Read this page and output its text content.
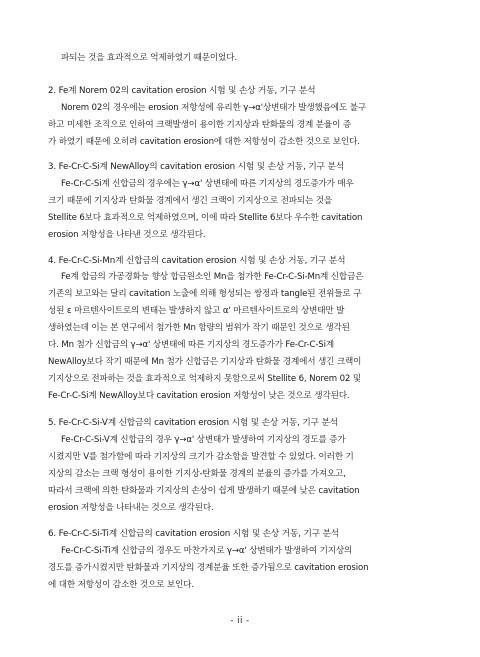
파되는 것을 효과적으로 억제하였기 때문이었다.
2. Fe계 Norem 02의 cavitation erosion 시험 및 손상 거동, 기구 분석
Norem 02의 경우에는 erosion 저항성에 유리한 γ→α'상변태가 발생했음에도 불구
하고 미세한 조직으로 인하여 크랙발생이 용이한 기지상과 탄화물의 경계 분율이 증
가 하였기 때문에 오히려 cavitation erosion에 대한 저항성이 감소한 것으로 보인다.
3. Fe-Cr-C-Si계 NewAlloy의 cavitation erosion 시험 및 손상 거동, 기구 분석
Fe-Cr-C-Si계 신합금의 경우에는 γ→α' 상변태에 따른 기지상의 경도증가가 매우
크기 때문에 기지상과 탄화물 경계에서 생긴 크랙이 기지상으로 전파되는 것을
Stellite 6보다 효과적으로 억제하였으며, 이에 따라 Stellite 6보다 우수한 cavitation
erosion 저항성을 나타낸 것으로 생각된다.
4. Fe-Cr-C-Si-Mn계 신합금의 cavitation erosion 시험 및 손상 거동, 기구 분석
Fe계 합금의 가공경화능 향상 합금원소인 Mn을 첨가한 Fe-Cr-C-Si-Mn계 신합금은
기존의 보고와는 달리 cavitation 노출에 의해 형성되는 쌍정과 tangle된 전위들로 구
성된 ε 마르텐사이트로의 변태는 발생하지 않고 α' 마르텐사이트로의 상변태만 발
생하였는데 이는 본 연구에서 첨가한 Mn 함량의 범위가 작기 때문인 것으로 생각된
다. Mn 첨가 신합금의 γ→α' 상변태에 따른 기지상의 경도증가가 Fe-Cr-C-Si계
NewAlloy보다 작기 때문에 Mn 첨가 신합금은 기지상과 탄화물 경계에서 생긴 크랙이
기지상으로 전파하는 것을 효과적으로 억제하지 못함으로써 Stellite 6, Norem 02 및
Fe-Cr-C-Si계 NewAlloy보다 cavitation erosion 저항성이 낮은 것으로 생각된다.
5. Fe-Cr-C-Si-V계 신합금의 cavitation erosion 시험 및 손상 거동, 기구 분석
Fe-Cr-C-Si-V계 신합금의 경우 γ→α' 상변태가 발생하여 기지상의 경도를 증가
시켰지만 V를 첨가함에 따라 기지상의 크기가 감소함을 발견할 수 있었다. 이러한 기
지상의 감소는 크랙 형성이 용이한 기지상-탄화물 경계의 분율의 증가를 가져오고,
따라서 크랙에 의한 탄화물과 기지상의 손상이 쉽게 발생하기 때문에 낮은 cavitation
erosion 저항성을 나타내는 것으로 생각된다.
6. Fe-Cr-C-Si-Ti계 신합금의 cavitation erosion 시험 및 손상 거동, 기구 분석
Fe-Cr-C-Si-Ti계 신합금의 경우도 마찬가지로 γ→α' 상변태가 발생하여 기지상의
경도를 증가시켰지만 탄화물과 기지상의 경계분율 또한 증가됨으로 cavitation erosion
에 대한 저항성이 감소한 것으로 보인다.
- ii -
